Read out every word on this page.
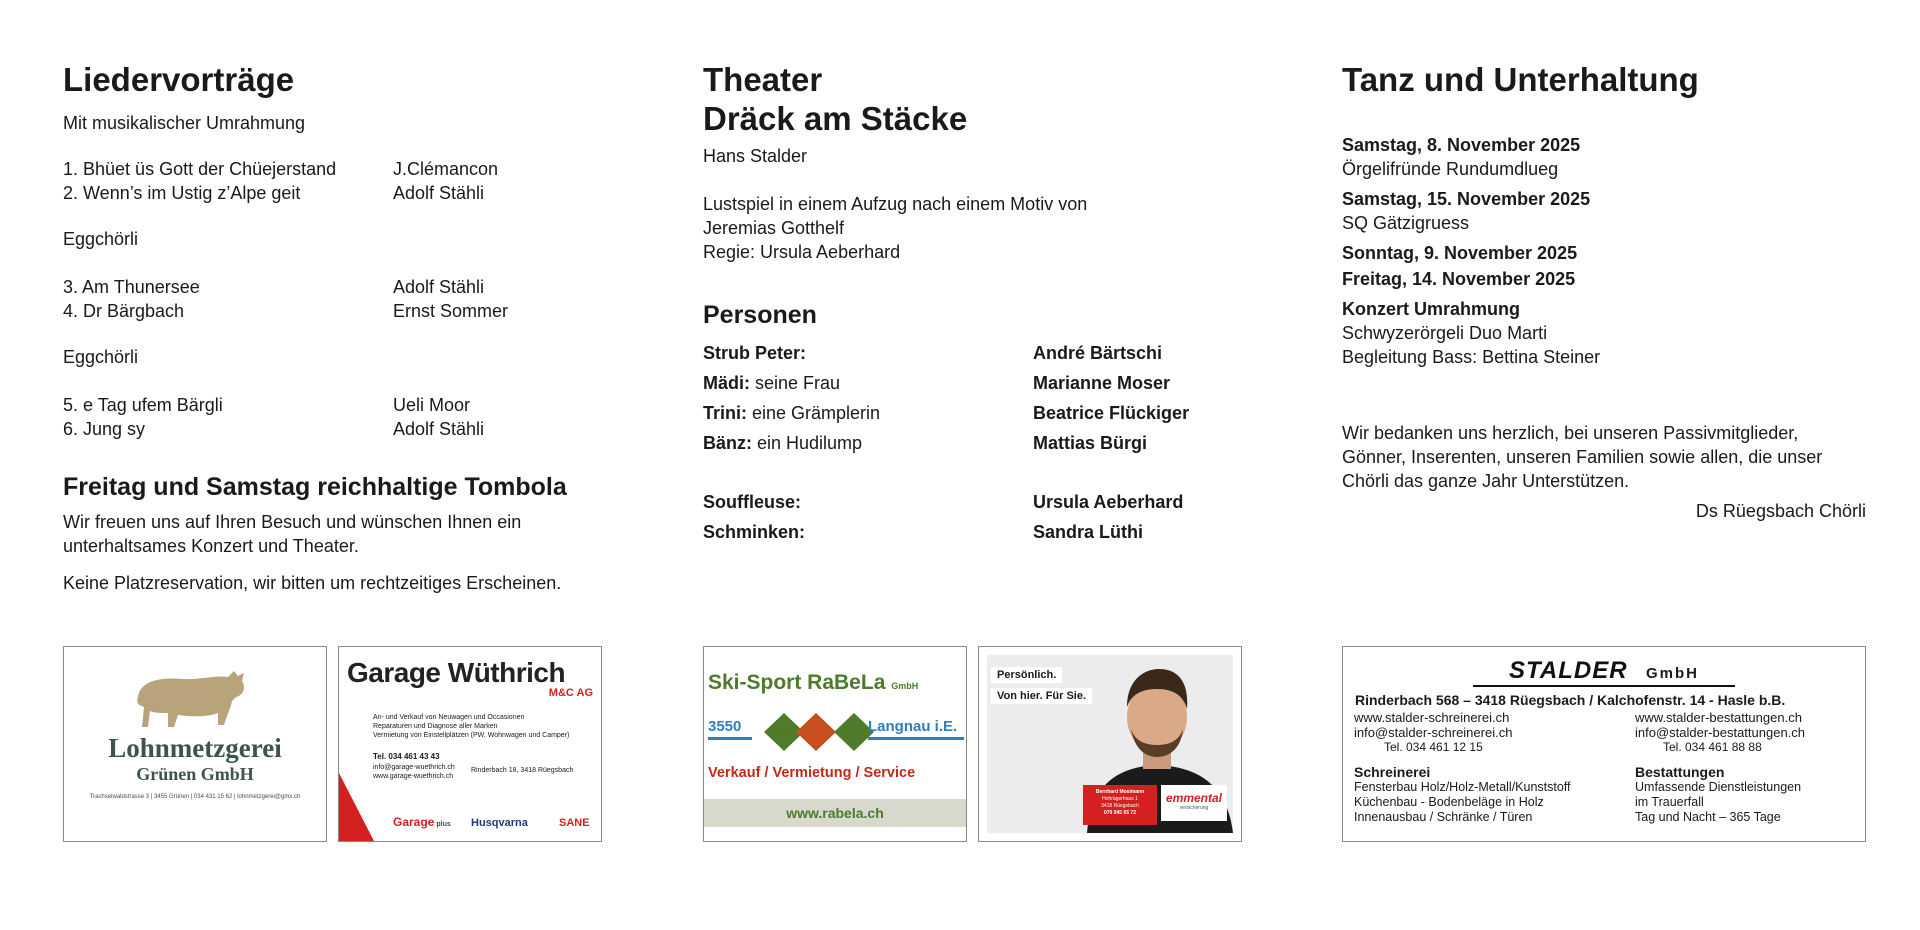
Liedervorträge
Mit musikalischer Umrahmung
1. Bhüet üs Gott der Chüejerstand	J.Clémancon
2. Wenn’s im Ustig z’Alpe geit	Adolf Stähli
Eggchörli
3. Am Thunersee	Adolf Stähli
4. Dr Bärgbach	Ernst Sommer
Eggchörli
5. e Tag ufem Bärgli	Ueli Moor
6. Jung sy	Adolf Stähli
Freitag und Samstag reichhaltige Tombola
Wir freuen uns auf Ihren Besuch und wünschen Ihnen ein unterhaltsames Konzert und Theater.
Keine Platzreservation, wir bitten um rechtzeitiges Erscheinen.
Theater
Dräck am Stäcke
Hans Stalder
Lustspiel in einem Aufzug nach einem Motiv von
Jeremias Gotthelf
Regie: Ursula Aeberhard
Personen
Strub Peter:	André Bärtschi
Mädi: seine Frau	Marianne Moser
Trini: eine Grämplerin	Beatrice Flückiger
Bänz: ein Hudilump	Mattias Bürgi
Souffleuse:	Ursula Aeberhard
Schminken:	Sandra Lüthi
Tanz und Unterhaltung
Samstag, 8. November 2025
Örgelifründe Rundumdlueg
Samstag, 15. November 2025
SQ Gätzigruess
Sonntag, 9. November 2025
Freitag, 14. November 2025
Konzert Umrahmung
Schwyzerörgeli Duo Marti
Begleitung Bass: Bettina Steiner
Wir bedanken uns herzlich, bei unseren Passivmitglieder, Gönner, Inserenten, unseren Familien sowie allen, die unser Chörli das ganze Jahr Unterstützen.
Ds Rüegsbach Chörli
Lohnmetzgerei
Grünen GmbH
Trachselwaldstrasse 3 | 3455 Grünen | 034 431 15 62 | lohnmetzgerei@gmx.ch
Garage Wüthrich
M&C AG
An- und Verkauf von Neuwagen und Occasionen
Reparaturen und Diagnose aller Marken
Vermietung von Einstellplätzen (PW, Wohnwagen und Camper)
Tel. 034 461 43 43
info@garage-wuethrich.ch
www.garage-wuethrich.ch
Rinderbach 18, 3418 Rüegsbach
Garage plus Husqvarna	SANE
Ski-Sport RaBeLa GmbH
3550	Langnau i.E.
Verkauf / Vermietung / Service
www.rabela.ch
Persönlich.
Von hier. Für Sie.
Bernhard Moslmann
Hohrägerhaus 1
3418 Rüegsbach
079 945 65 72
emmental
versicherung
STALDER GmbH
Rinderbach 568 – 3418 Rüegsbach / Kalchofenstr. 14 - Hasle b.B.
www.stalder-schreinerei.ch
info@stalder-schreinerei.ch
Tel. 034 461 12 15
www.stalder-bestattungen.ch
info@stalder-bestattungen.ch
Tel. 034 461 88 88
Schreinerei
Fensterbau Holz/Holz-Metall/Kunststoff
Küchenbau - Bodenbeläge in Holz
Innenausbau / Schränke / Türen
Bestattungen
Umfassende Dienstleistungen
im Trauerfall
Tag und Nacht – 365 Tage
